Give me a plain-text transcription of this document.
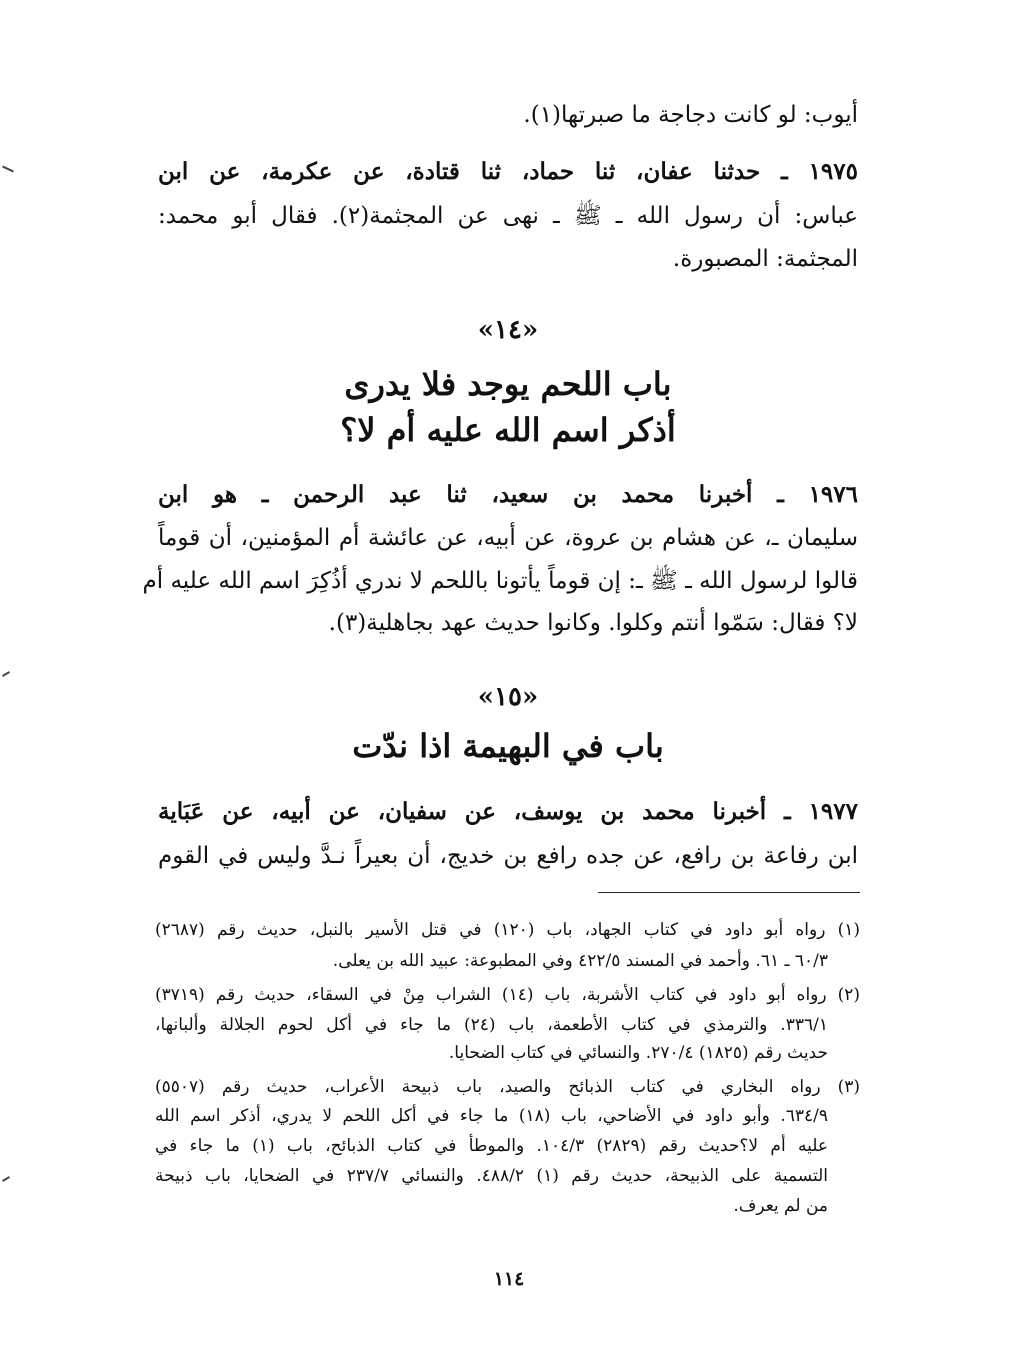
أيوب: لو كانت دجاجة ما صبرتها(١).
١٩٧٥ ـ حدثنا عفان، ثنا حماد، ثنا قتادة، عن عكرمة، عن ابن
عباس: أن رسول الله ـ ﷺ ـ نهى عن المجثمة(٢). فقال أبو محمد:
المجثمة: المصبورة.
«١٤»
باب اللحم يوجد فلا يدرى
أذكر اسم الله عليه أم لا؟
١٩٧٦ ـ أخبرنا محمد بن سعيد، ثنا عبد الرحمن ـ هو ابن
سليمان ـ، عن هشام بن عروة، عن أبيه، عن عائشة أم المؤمنين، أن قوماً
قالوا لرسول الله ـ ﷺ ـ: إن قوماً يأتونا باللحم لا ندري أذُكِرَ اسم الله عليه أم
لا؟ فقال: سَمّوا أنتم وكلوا. وكانوا حديث عهد بجاهلية(٣).
«١٥»
باب في البهيمة اذا ندّت
١٩٧٧ ـ أخبرنا محمد بن يوسف، عن سفيان، عن أبيه، عن عَبَاية
ابن رفاعة بن رافع، عن جده رافع بن خديج، أن بعيراً نـدَّ وليس في القوم
(١) رواه أبو داود في كتاب الجهاد، باب (١٢٠) في قتل الأسير بالنبل، حديث رقم (٢٦٨٧)
٦٠/٣ ـ ٦١. وأحمد في المسند ٤٢٢/٥ وفي المطبوعة: عبيد الله بن يعلى.
(٢) رواه أبو داود في كتاب الأشربة، باب (١٤) الشراب مِنْ في السقاء، حديث رقم (٣٧١٩)
٣٣٦/١. والترمذي في كتاب الأطعمة، باب (٢٤) ما جاء في أكل لحوم الجلالة وألبانها،
حديث رقم (١٨٢٥) ٢٧٠/٤. والنسائي في كتاب الضحايا.
(٣) رواه البخاري في كتاب الذبائح والصيد، باب ذبيحة الأعراب، حديث رقم (٥٥٠٧)
٦٣٤/٩. وأبو داود في الأضاحي، باب (١٨) ما جاء في أكل اللحم لا يدري، أذكر اسم الله
عليه أم لا؟حديث رقم (٢٨٢٩) ١٠٤/٣. والموطأ في كتاب الذبائح، باب (١) ما جاء في
التسمية على الذبيحة، حديث رقم (١) ٤٨٨/٢. والنسائي ٢٣٧/٧ في الضحايا، باب ذبيحة
من لم يعرف.
١١٤
